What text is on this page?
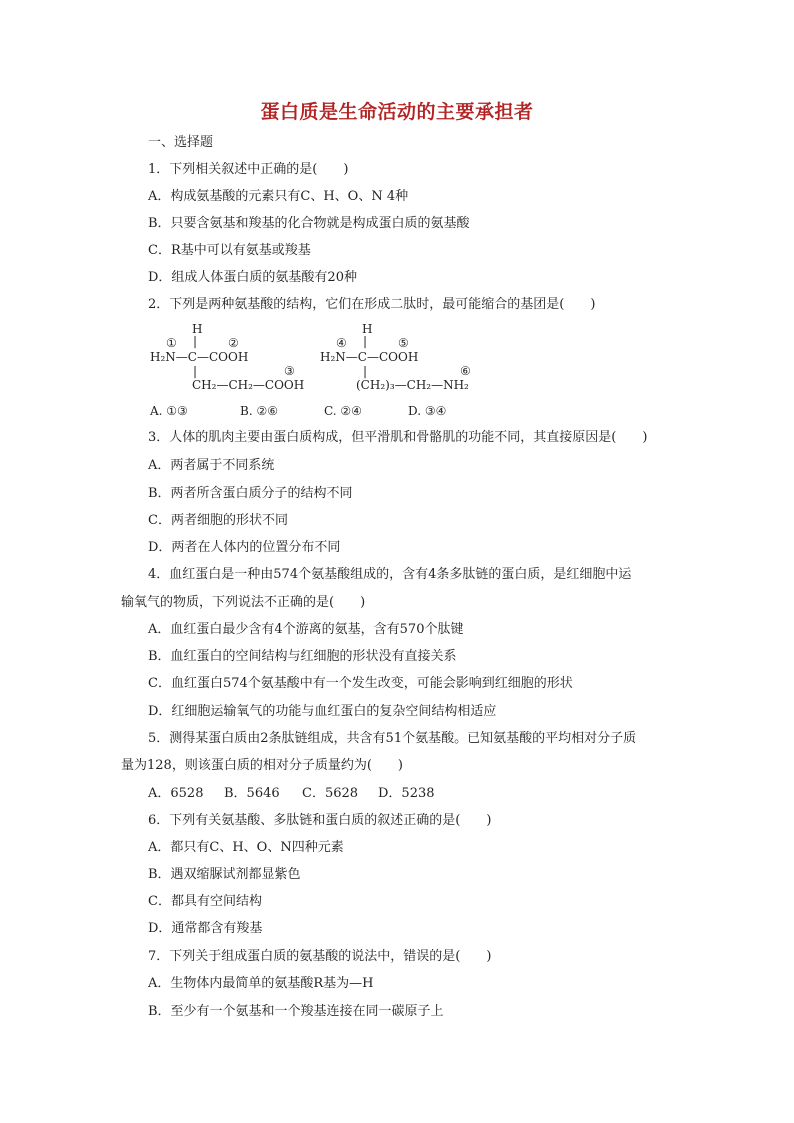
蛋白质是生命活动的主要承担者
一、选择题
1．下列相关叙述中正确的是(　　)
A．构成氨基酸的元素只有C、H、O、N 4种
B．只要含氨基和羧基的化合物就是构成蛋白质的氨基酸
C．R基中可以有氨基或羧基
D．组成人体蛋白质的氨基酸有20种
2．下列是两种氨基酸的结构，它们在形成二肽时，最可能缩合的基团是(　　)
H
① |	②
H₂N—C—COOH
|	③
CH₂—CH₂—COOH
H
④ |	⑤
H₂N—C—COOH
|	⑥
(CH₂)₃—CH₂—NH₂
A. ①③	B. ②⑥	C. ②④	D. ③④
3．人体的肌肉主要由蛋白质构成，但平滑肌和骨骼肌的功能不同，其直接原因是(　　)
A．两者属于不同系统
B．两者所含蛋白质分子的结构不同
C．两者细胞的形状不同
D．两者在人体内的位置分布不同
4．血红蛋白是一种由574个氨基酸组成的，含有4条多肽链的蛋白质，是红细胞中运
输氧气的物质，下列说法不正确的是(　　)
A．血红蛋白最少含有4个游离的氨基，含有570个肽键
B．血红蛋白的空间结构与红细胞的形状没有直接关系
C．血红蛋白574个氨基酸中有一个发生改变，可能会影响到红细胞的形状
D．红细胞运输氧气的功能与血红蛋白的复杂空间结构相适应
5．测得某蛋白质由2条肽链组成，共含有51个氨基酸。已知氨基酸的平均相对分子质
量为128，则该蛋白质的相对分子质量约为(　　)
A．6528 B．5646 C．5628 D．5238
6．下列有关氨基酸、多肽链和蛋白质的叙述正确的是(　　)
A．都只有C、H、O、N四种元素
B．遇双缩脲试剂都显紫色
C．都具有空间结构
D．通常都含有羧基
7．下列关于组成蛋白质的氨基酸的说法中，错误的是(　　)
A．生物体内最简单的氨基酸R基为—H
B．至少有一个氨基和一个羧基连接在同一碳原子上
